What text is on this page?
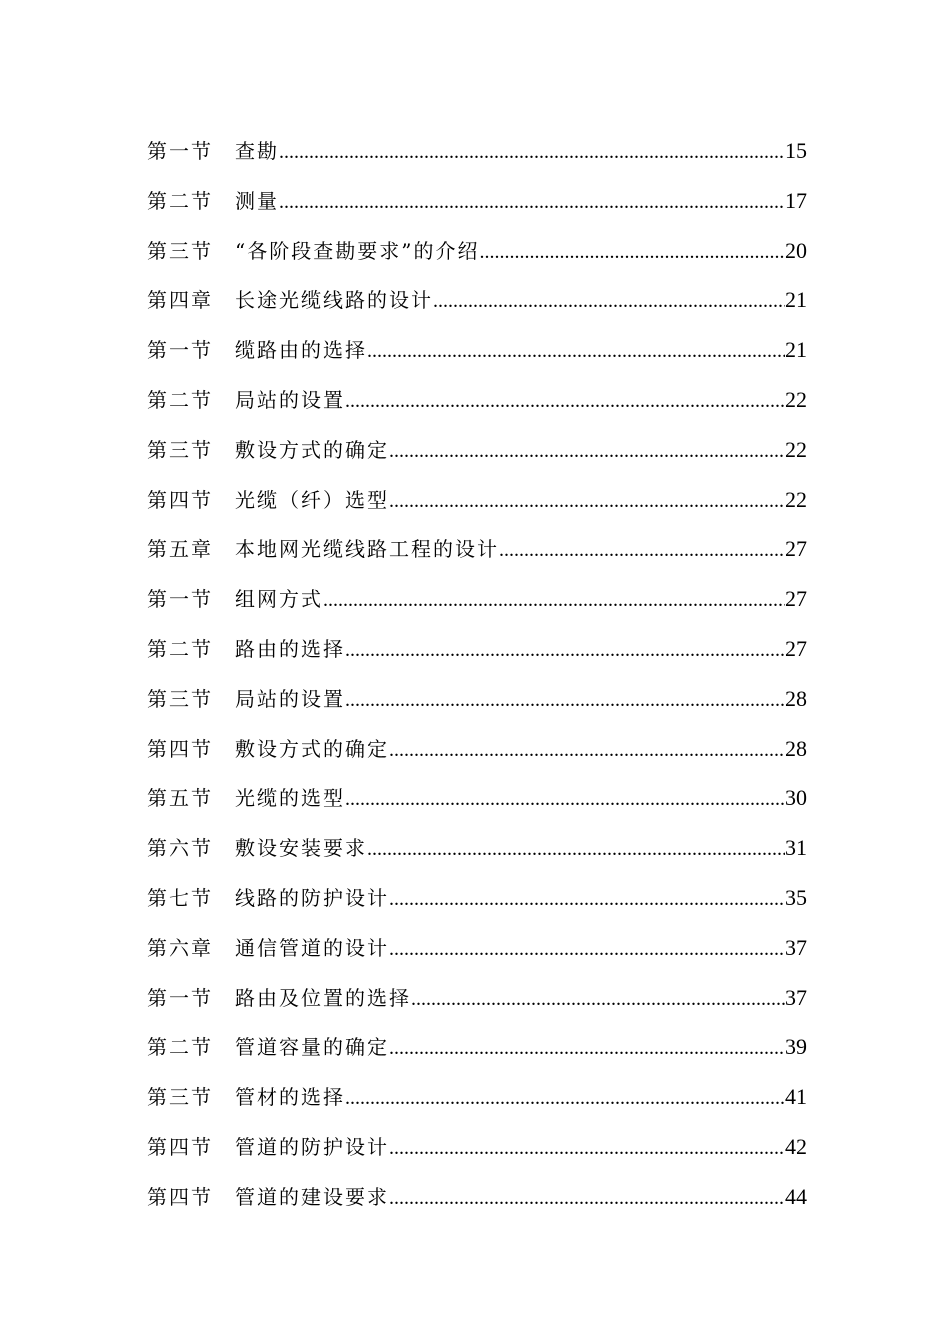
第一节	查勘 .....	15
第二节	测量 .....	17
第三节	“各阶段查勘要求”的介绍 .....	20
第四章	长途光缆线路的设计 .....	21
第一节	缆路由的选择 .....	21
第二节	局站的设置 .....	22
第三节	敷设方式的确定 .....	22
第四节	光缆（纤）选型 .....	22
第五章	本地网光缆线路工程的设计 .....	27
第一节	组网方式 .....	27
第二节	路由的选择 .....	27
第三节	局站的设置 .....	28
第四节	敷设方式的确定 .....	28
第五节	光缆的选型 .....	30
第六节	敷设安装要求 .....	31
第七节	线路的防护设计 .....	35
第六章	通信管道的设计 .....	37
第一节	路由及位置的选择 .....	37
第二节	管道容量的确定 .....	39
第三节	管材的选择 .....	41
第四节	管道的防护设计 .....	42
第四节	管道的建设要求 .....	44
